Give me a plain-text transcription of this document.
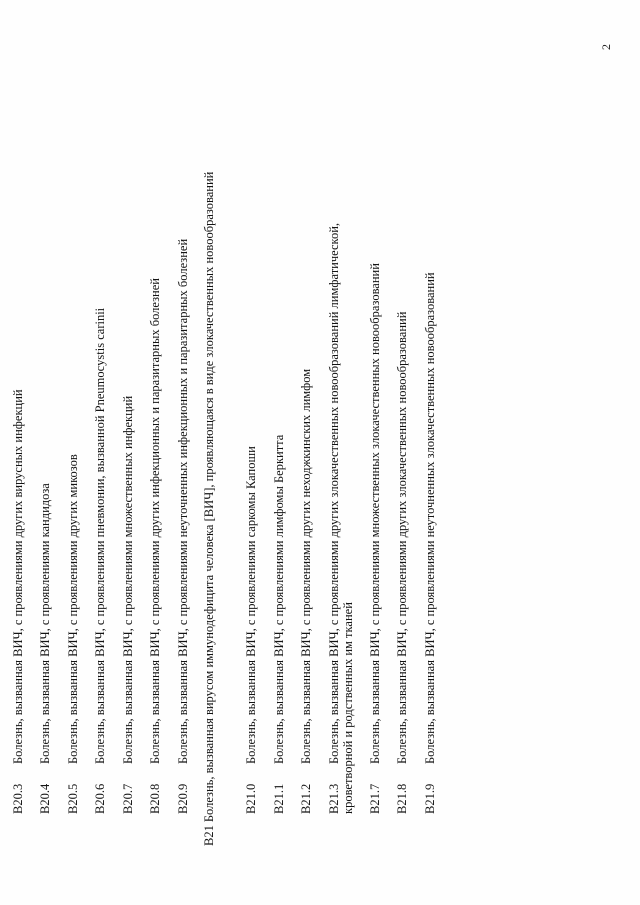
2
B20.3
Болезнь, вызванная ВИЧ, с проявлениями других вирусных инфекций
B20.4
Болезнь, вызванная ВИЧ, с проявлениями кандидоза
B20.5
Болезнь, вызванная ВИЧ, с проявлениями других микозов
B20.6
Болезнь, вызванная ВИЧ, с проявлениями пневмонии, вызванной Pneumocystis carinii
B20.7
Болезнь, вызванная ВИЧ, с проявлениями множественных инфекций
B20.8
Болезнь, вызванная ВИЧ, с проявлениями других инфекционных и паразитарных болезней
B20.9
Болезнь, вызванная ВИЧ, с проявлениями неуточненных инфекционных и паразитарных болезней
B21Болезнь, вызванная вирусом иммунодефицита человека [ВИЧ], проявляющаяся в виде злокачественных новообразований	B21.0
Болезнь, вызванная ВИЧ, с проявлениями саркомы Капоши
B21.1
Болезнь, вызванная ВИЧ, с проявлениями лимфомы Беркитта
B21.2
Болезнь, вызванная ВИЧ, с проявлениями других неходжкинских лимфом
B21.3
Болезнь, вызванная ВИЧ, с проявлениями других злокачественных новообразований лимфатической, кроветворной и родственных им тканей B21.7
Болезнь, вызванная ВИЧ, с проявлениями множественных злокачественных новообразований
B21.8
Болезнь, вызванная ВИЧ, с проявлениями других злокачественных новообразований
B21.9
Болезнь, вызванная ВИЧ, с проявлениями неуточненных злокачественных новообразований
